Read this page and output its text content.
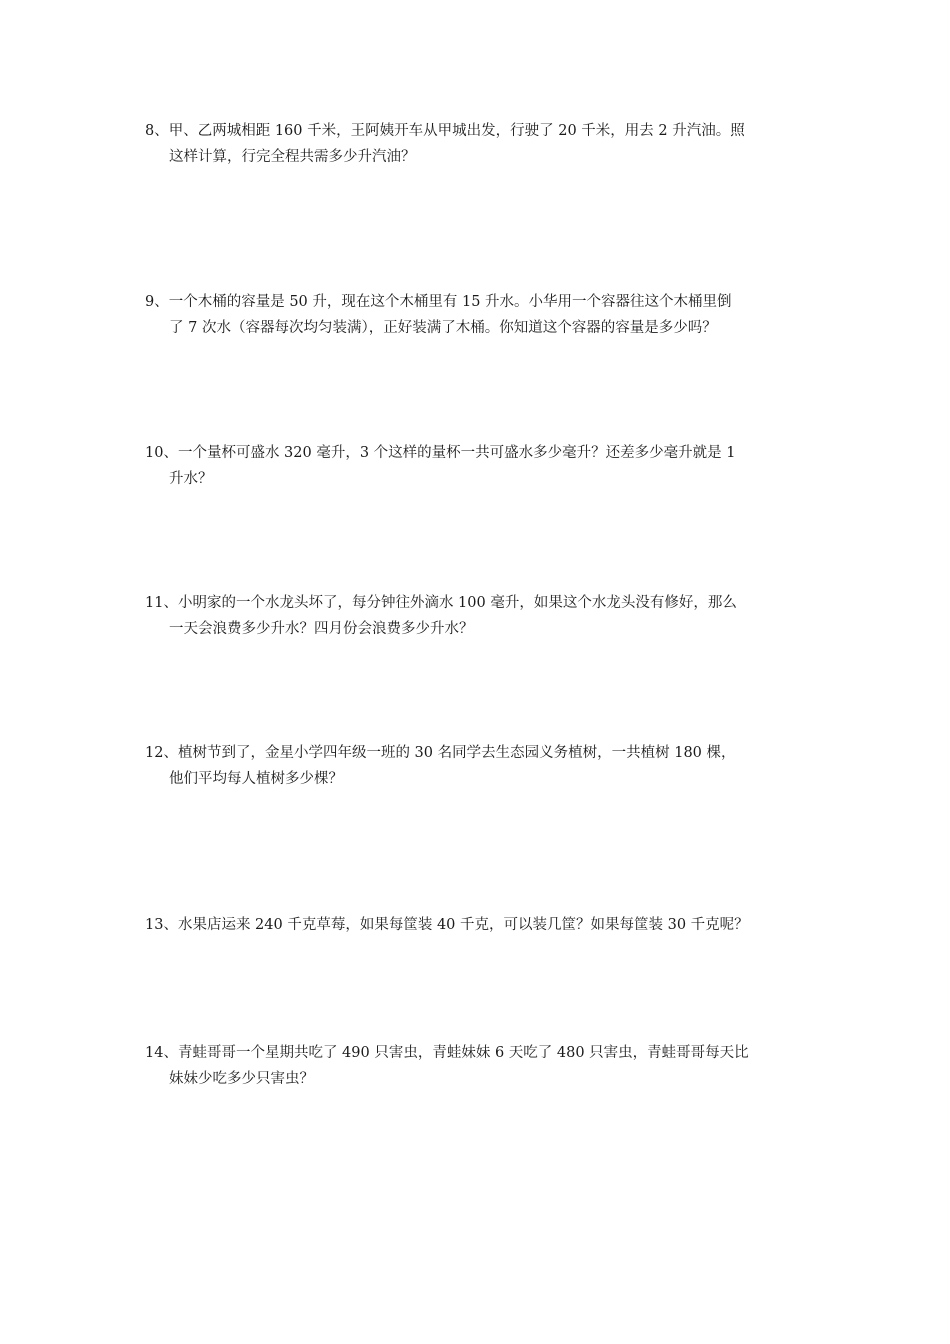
8、甲、乙两城相距 160 千米，王阿姨开车从甲城出发，行驶了 20 千米，用去 2 升汽油。照
这样计算，行完全程共需多少升汽油？
9、一个木桶的容量是 50 升，现在这个木桶里有 15 升水。小华用一个容器往这个木桶里倒
了 7 次水（容器每次均匀装满），正好装满了木桶。你知道这个容器的容量是多少吗？
10、一个量杯可盛水 320 毫升，3 个这样的量杯一共可盛水多少毫升？还差多少毫升就是 1
升水？
11、小明家的一个水龙头坏了，每分钟往外滴水 100 毫升，如果这个水龙头没有修好，那么
一天会浪费多少升水？四月份会浪费多少升水？
12、植树节到了，金星小学四年级一班的 30 名同学去生态园义务植树，一共植树 180 棵，
他们平均每人植树多少棵？
13、水果店运来 240 千克草莓，如果每筐装 40 千克，可以装几筐？如果每筐装 30 千克呢？
14、青蛙哥哥一个星期共吃了 490 只害虫，青蛙妹妹 6 天吃了 480 只害虫，青蛙哥哥每天比
妹妹少吃多少只害虫？
